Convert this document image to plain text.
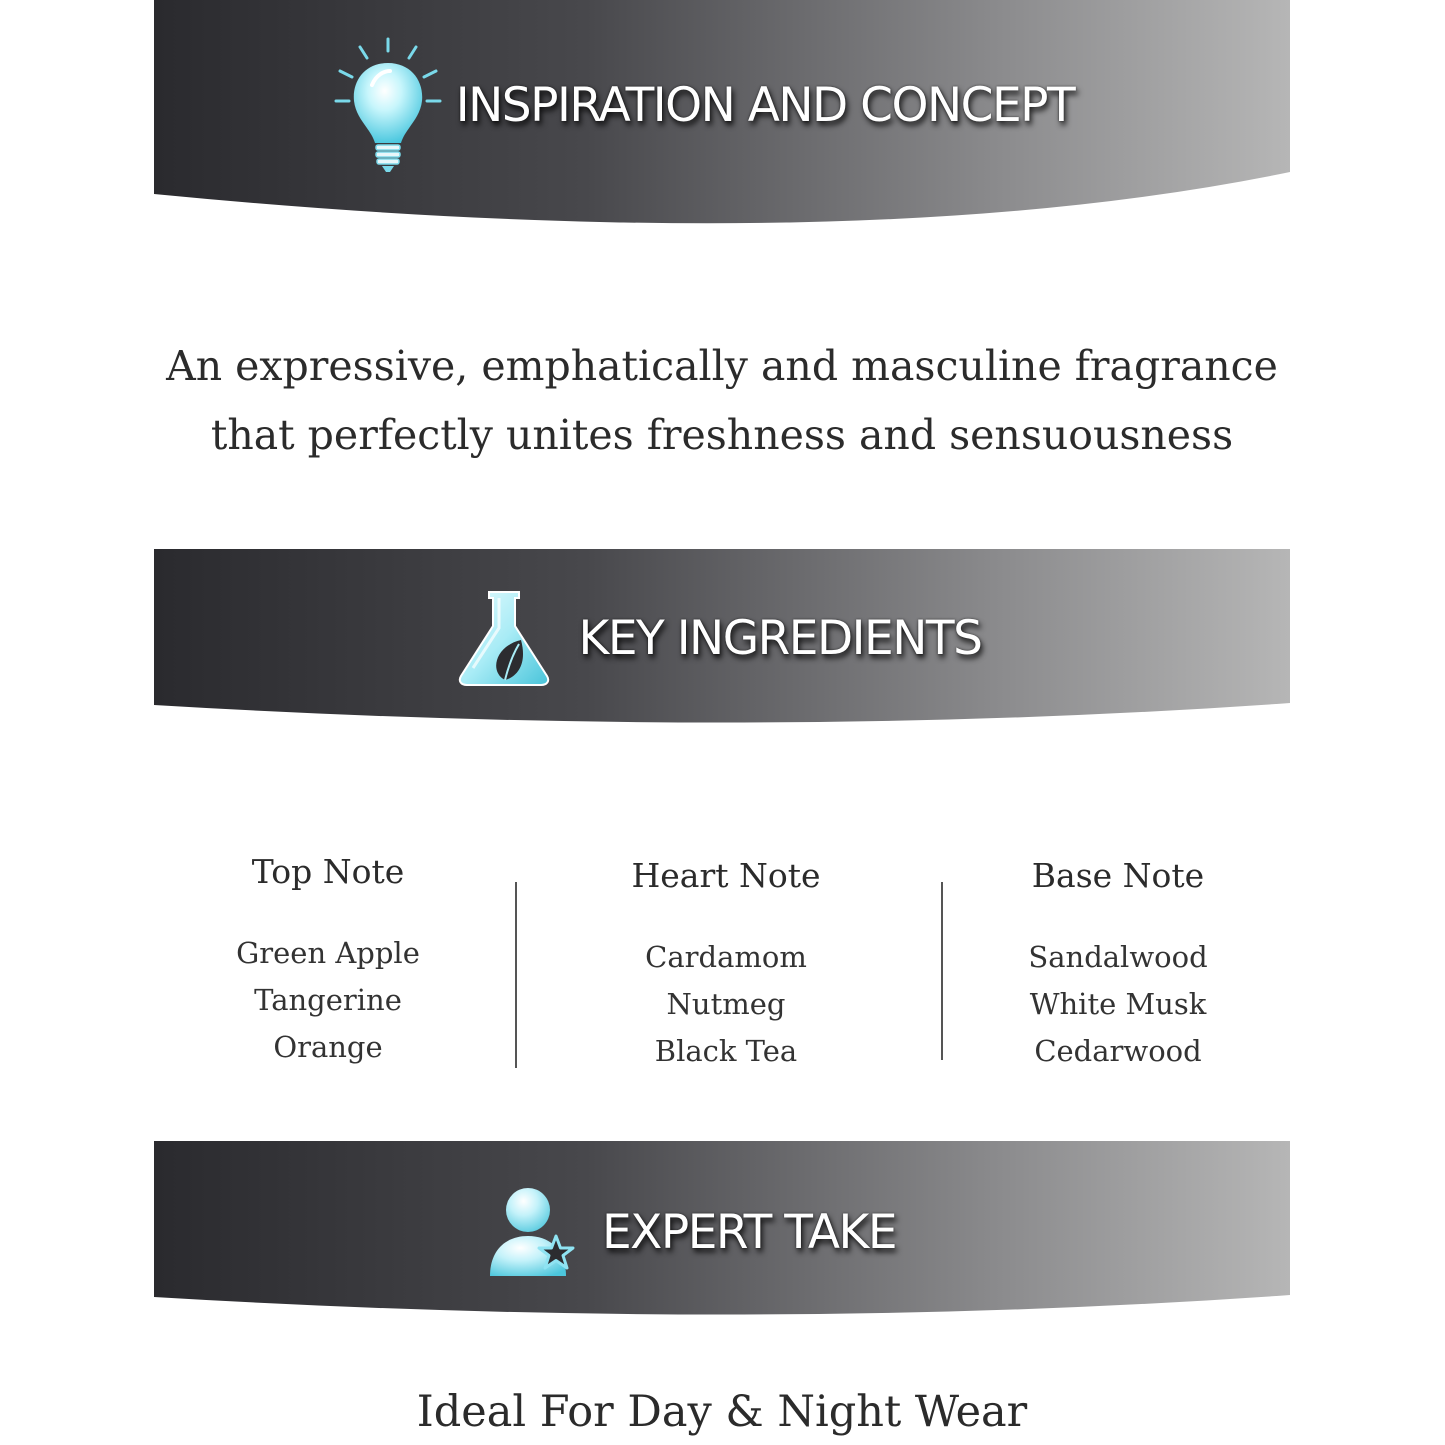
INSPIRATION AND CONCEPT

An expressive, emphatically and masculine fragrance
that perfectly unites freshness and sensuousness

KEY INGREDIENTS
Top Note
Green Apple
Tangerine
Orange
Heart Note
Cardamom
Nutmeg
Black Tea
Base Note
Sandalwood
White Musk
Cedarwood
EXPERT TAKE

Ideal For Day & Night Wear
